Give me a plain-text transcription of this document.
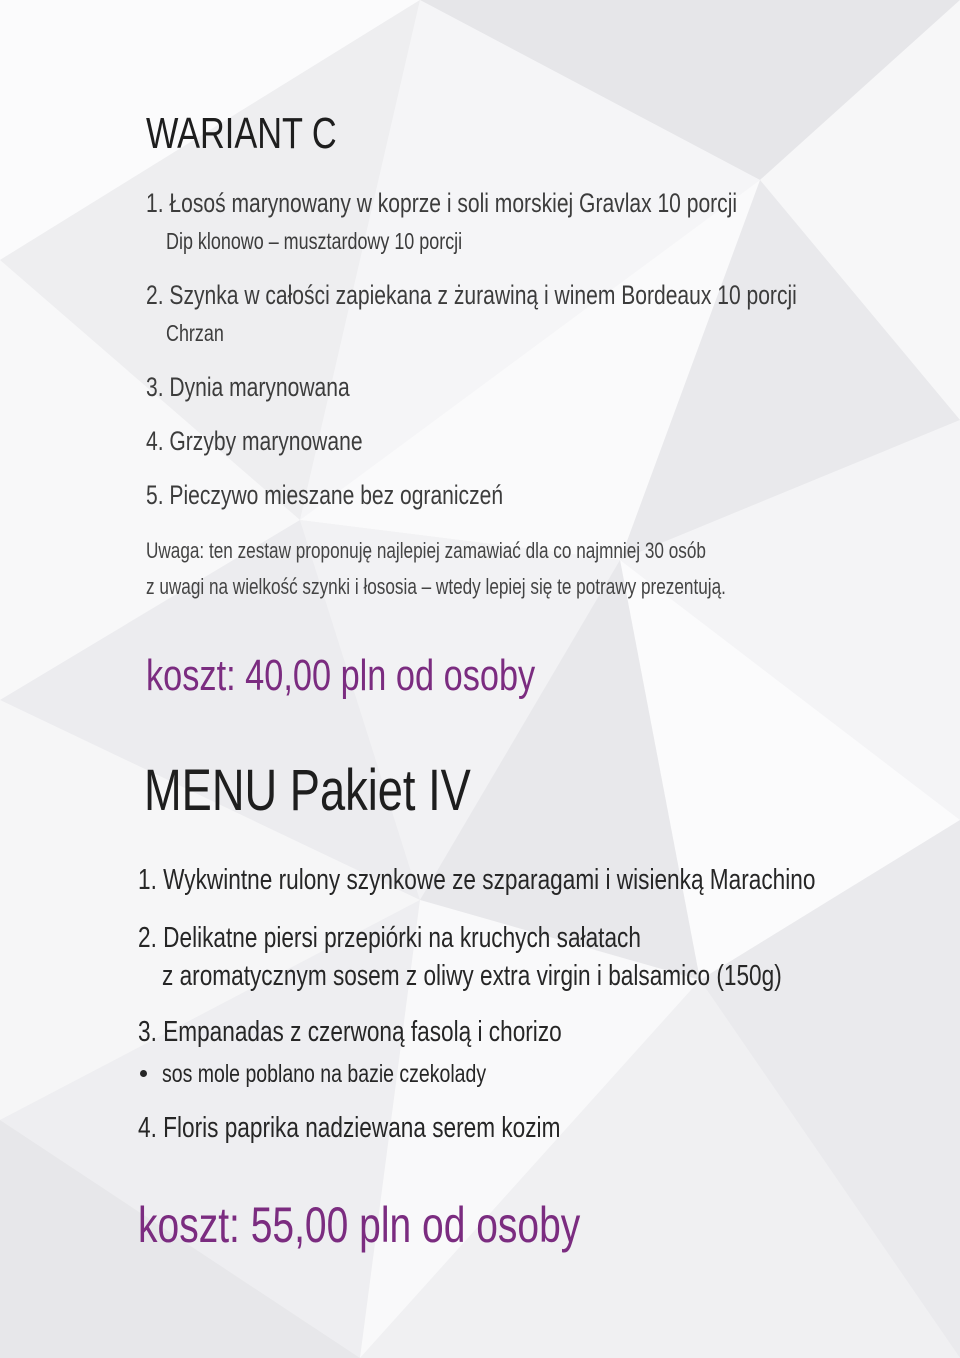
WARIANT C
1. Łosoś marynowany w koprze i soli morskiej Gravlax 10 porcji
Dip klonowo – musztardowy 10 porcji
2. Szynka w całości zapiekana z żurawiną i winem Bordeaux 10 porcji
Chrzan
3. Dynia marynowana
4. Grzyby marynowane
5. Pieczywo mieszane bez ograniczeń
Uwaga: ten zestaw proponuję najlepiej zamawiać dla co najmniej 30 osób
z uwagi na wielkość szynki i łososia – wtedy lepiej się te potrawy prezentują.
koszt: 40,00 pln od osoby
MENU Pakiet IV
1. Wykwintne rulony szynkowe ze szparagami i wisienką Marachino
2. Delikatne piersi przepiórki na kruchych sałatach
z aromatycznym sosem z oliwy extra virgin i balsamico (150g)
3. Empanadas z czerwoną fasolą i chorizo
sos mole poblano na bazie czekolady
4. Floris paprika nadziewana serem kozim
koszt: 55,00 pln od osoby
